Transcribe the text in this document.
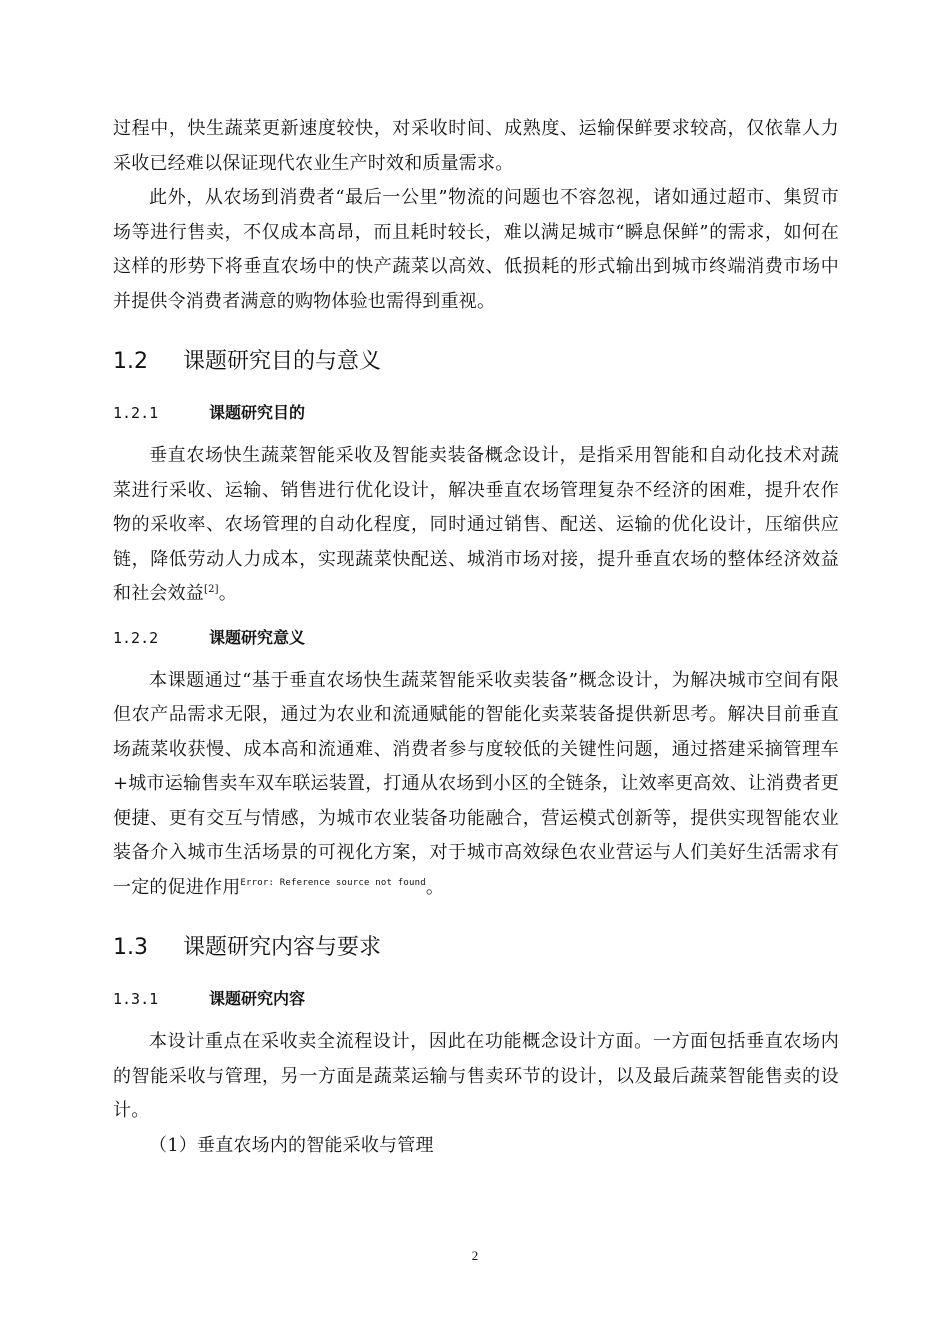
过程中，快生蔬菜更新速度较快，对采收时间、成熟度、运输保鲜要求较高，仅依靠人力采收已经难以保证现代农业生产时效和质量需求。

此外，从农场到消费者“最后一公里”物流的问题也不容忽视，诸如通过超市、集贸市场等进行售卖，不仅成本高昂，而且耗时较长，难以满足城市“瞬息保鲜”的需求，如何在这样的形势下将垂直农场中的快产蔬菜以高效、低损耗的形式输出到城市终端消费市场中并提供令消费者满意的购物体验也需得到重视。

1.2 课题研究目的与意义
1.2.1	课题研究目的

垂直农场快生蔬菜智能采收及智能卖装备概念设计，是指采用智能和自动化技术对蔬菜进行采收、运输、销售进行优化设计，解决垂直农场管理复杂不经济的困难，提升农作物的采收率、农场管理的自动化程度，同时通过销售、配送、运输的优化设计，压缩供应链，降低劳动人力成本，实现蔬菜快配送、城消市场对接，提升垂直农场的整体经济效益和社会效益[2]。

1.2.2	课题研究意义

本课题通过“基于垂直农场快生蔬菜智能采收卖装备”概念设计，为解决城市空间有限但农产品需求无限，通过为农业和流通赋能的智能化卖菜装备提供新思考。解决目前垂直场蔬菜收获慢、成本高和流通难、消费者参与度较低的关键性问题，通过搭建采摘管理车+城市运输售卖车双车联运装置，打通从农场到小区的全链条，让效率更高效、让消费者更便捷、更有交互与情感，为城市农业装备功能融合，营运模式创新等，提供实现智能农业装备介入城市生活场景的可视化方案，对于城市高效绿色农业营运与人们美好生活需求有一定的促进作用$^{Error: Reference source not found}$。

1.3 课题研究内容与要求
1.3.1	课题研究内容

本设计重点在采收卖全流程设计，因此在功能概念设计方面。一方面包括垂直农场内的智能采收与管理，另一方面是蔬菜运输与售卖环节的设计，以及最后蔬菜智能售卖的设计。

（1）垂直农场内的智能采收与管理

2
